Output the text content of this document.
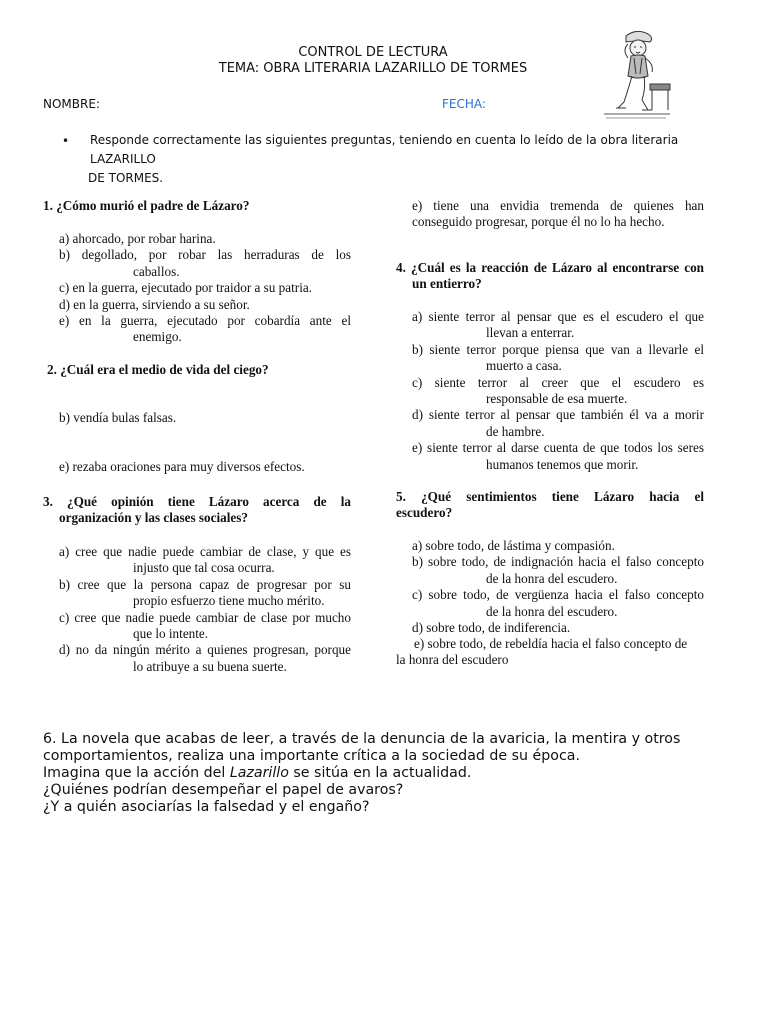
CONTROL DE LECTURA
TEMA: OBRA LITERARIA LAZARILLO DE TORMES
NOMBRE:	FECHA:
• Responde correctamente las siguientes preguntas, teniendo en cuenta lo leído de la obra literaria LAZARILLO
DE TORMES.
1. ¿Cómo murió el padre de Lázaro?
a) ahorcado, por robar harina.
b) degollado, por robar las herraduras de los
caballos.
c) en la guerra, ejecutado por traidor a su patria.
d) en la guerra, sirviendo a su señor.
e) en la guerra, ejecutado por cobardía ante el
enemigo.
2. ¿Cuál era el medio de vida del ciego?
b) vendía bulas falsas.
e) rezaba oraciones para muy diversos efectos.
3. ¿Qué opinión tiene Lázaro acerca de la
organización y las clases sociales?
a) cree que nadie puede cambiar de clase, y que es
injusto que tal cosa ocurra.
b) cree que la persona capaz de progresar por su
propio esfuerzo tiene mucho mérito.
c) cree que nadie puede cambiar de clase por mucho
que lo intente.
d) no da ningún mérito a quienes progresan, porque
lo atribuye a su buena suerte.
e) tiene una envidia tremenda de quienes han
conseguido progresar, porque él no lo ha hecho.
4. ¿Cuál es la reacción de Lázaro al encontrarse con
un entierro?
a) siente terror al pensar que es el escudero el que
llevan a enterrar.
b) siente terror porque piensa que van a llevarle el
muerto a casa.
c) siente terror al creer que el escudero es
responsable de esa muerte.
d) siente terror al pensar que también él va a morir
de hambre.
e) siente terror al darse cuenta de que todos los seres
humanos tenemos que morir.
5. ¿Qué sentimientos tiene Lázaro hacia el
escudero?
a) sobre todo, de lástima y compasión.
b) sobre todo, de indignación hacia el falso concepto
de la honra del escudero.
c) sobre todo, de vergüenza hacia el falso concepto
de la honra del escudero.
d) sobre todo, de indiferencia.
e) sobre todo, de rebeldía hacia el falso concepto de
la honra del escudero

6. La novela que acabas de leer, a través de la denuncia de la avaricia, la mentira y otros

comportamientos, realiza una importante crítica a la sociedad de su época.

Imagina que la acción del Lazarillo se sitúa en la actualidad.

¿Quiénes podrían desempeñar el papel de avaros?

¿Y a quién asociarías la falsedad y el engaño?
